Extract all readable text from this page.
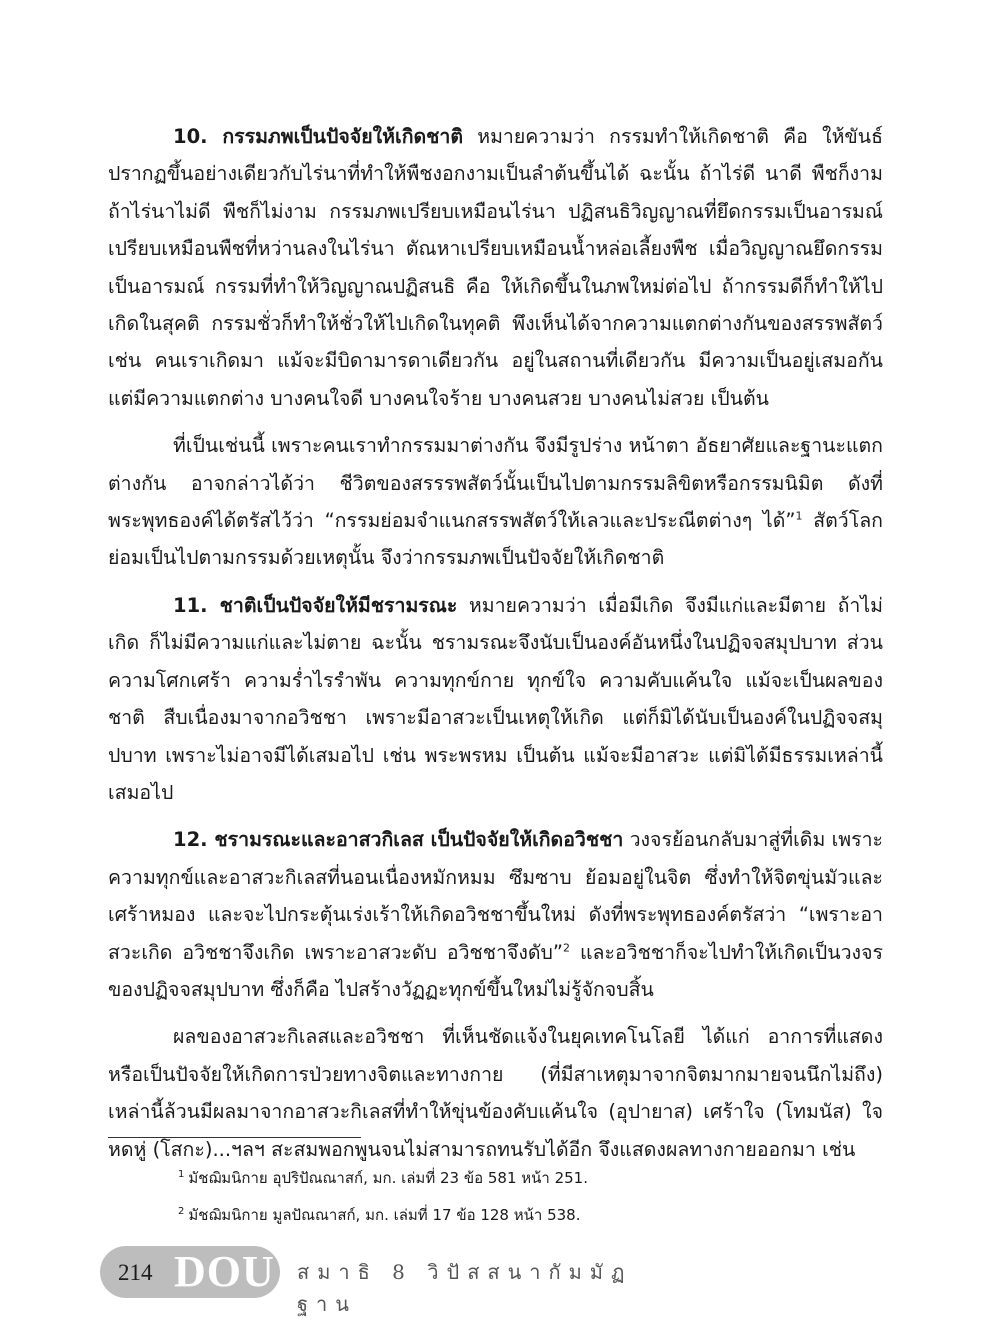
10. กรรมภพเป็นปัจจัยให้เกิดชาติ หมายความว่า กรรมทำให้เกิดชาติ คือ ให้ขันธ์ปรากฏขึ้นอย่างเดียวกับไร่นาที่ทำให้พืชงอกงามเป็นลำต้นขึ้นได้ ฉะนั้น ถ้าไร่ดี นาดี พืชก็งาม ถ้าไร่นาไม่ดี พืชก็ไม่งาม กรรมภพเปรียบเหมือนไร่นา ปฏิสนธิวิญญาณที่ยึดกรรมเป็นอารมณ์เปรียบเหมือนพืชที่หว่านลงในไร่นา ตัณหาเปรียบเหมือนน้ำหล่อเลี้ยงพืช เมื่อวิญญาณยึดกรรมเป็นอารมณ์ กรรมที่ทำให้วิญญาณปฏิสนธิ คือ ให้เกิดขึ้นในภพใหม่ต่อไป ถ้ากรรมดีก็ทำให้ไปเกิดในสุคติ กรรมชั่วก็ทำให้ชั่วให้ไปเกิดในทุคติ พึงเห็นได้จากความแตกต่างกันของสรรพสัตว์ เช่น คนเราเกิดมา แม้จะมีบิดามารดาเดียวกัน อยู่ในสถานที่เดียวกัน มีความเป็นอยู่เสมอกัน แต่มีความแตกต่าง บางคนใจดี บางคนใจร้าย บางคนสวย บางคนไม่สวย เป็นต้น

ที่เป็นเช่นนี้ เพราะคนเราทำกรรมมาต่างกัน จึงมีรูปร่าง หน้าตา อัธยาศัยและฐานะแตกต่างกัน อาจกล่าวได้ว่า ชีวิตของสรรรพสัตว์นั้นเป็นไปตามกรรมลิขิตหรือกรรมนิมิต ดังที่พระพุทธองค์ได้ตรัสไว้ว่า “กรรมย่อมจำแนกสรรพสัตว์ให้เลวและประณีตต่างๆ ได้”$^1$ สัตว์โลกย่อมเป็นไปตามกรรมด้วยเหตุนั้น จึงว่ากรรมภพเป็นปัจจัยให้เกิดชาติ

11. ชาติเป็นปัจจัยให้มีชรามรณะ หมายความว่า เมื่อมีเกิด จึงมีแก่และมีตาย ถ้าไม่เกิด ก็ไม่มีความแก่และไม่ตาย ฉะนั้น ชรามรณะจึงนับเป็นองค์อันหนึ่งในปฏิจจสมุปบาท ส่วนความโศกเศร้า ความร่ำไรรำพัน ความทุกข์กาย ทุกข์ใจ ความคับแค้นใจ แม้จะเป็นผลของชาติ สืบเนื่องมาจากอวิชชา เพราะมีอาสวะเป็นเหตุให้เกิด แต่ก็มิได้นับเป็นองค์ในปฏิจจสมุปบาท เพราะไม่อาจมีได้เสมอไป เช่น พระพรหม เป็นต้น แม้จะมีอาสวะ แต่มิได้มีธรรมเหล่านี้เสมอไป

12. ชรามรณะและอาสวกิเลส เป็นปัจจัยให้เกิดอวิชชา วงจรย้อนกลับมาสู่ที่เดิม เพราะความทุกข์และอาสวะกิเลสที่นอนเนื่องหมักหมม ซึมซาบ ย้อมอยู่ในจิต ซึ่งทำให้จิตขุ่นมัวและเศร้าหมอง และจะไปกระตุ้นเร่งเร้าให้เกิดอวิชชาขึ้นใหม่ ดังที่พระพุทธองค์ตรัสว่า “เพราะอาสวะเกิด อวิชชาจึงเกิด เพราะอาสวะดับ อวิชชาจึงดับ”$^2$ และอวิชชาก็จะไปทำให้เกิดเป็นวงจรของปฏิจจสมุปบาท ซึ่งก็คือ ไปสร้างวัฏฏะทุกข์ขึ้นใหม่ไม่รู้จักจบสิ้น

ผลของอาสวะกิเลสและอวิชชา ที่เห็นชัดแจ้งในยุคเทคโนโลยี ได้แก่ อาการที่แสดง หรือเป็นปัจจัยให้เกิดการป่วยทางจิตและทางกาย (ที่มีสาเหตุมาจากจิตมากมายจนนึกไม่ถึง) เหล่านี้ล้วนมีผลมาจากอาสวะกิเลสที่ทำให้ขุ่นข้องคับแค้นใจ (อุปายาส) เศร้าใจ (โทมนัส) ใจหดหู่ (โสกะ)...ฯลฯ สะสมพอกพูนจนไม่สามารถทนรับได้อีก จึงแสดงผลทางกายออกมา เช่น

$^1$ มัชฌิมนิกาย อุปริปัณณาสก์, มก. เล่มที่ 23 ข้อ 581 หน้า 251.
$^2$ มัชฌิมนิกาย มูลปัณณาสก์, มก. เล่มที่ 17 ข้อ 128 หน้า 538.
214 DOU สมาธิ 8 วิปัสสนากัมมัฏฐาน
